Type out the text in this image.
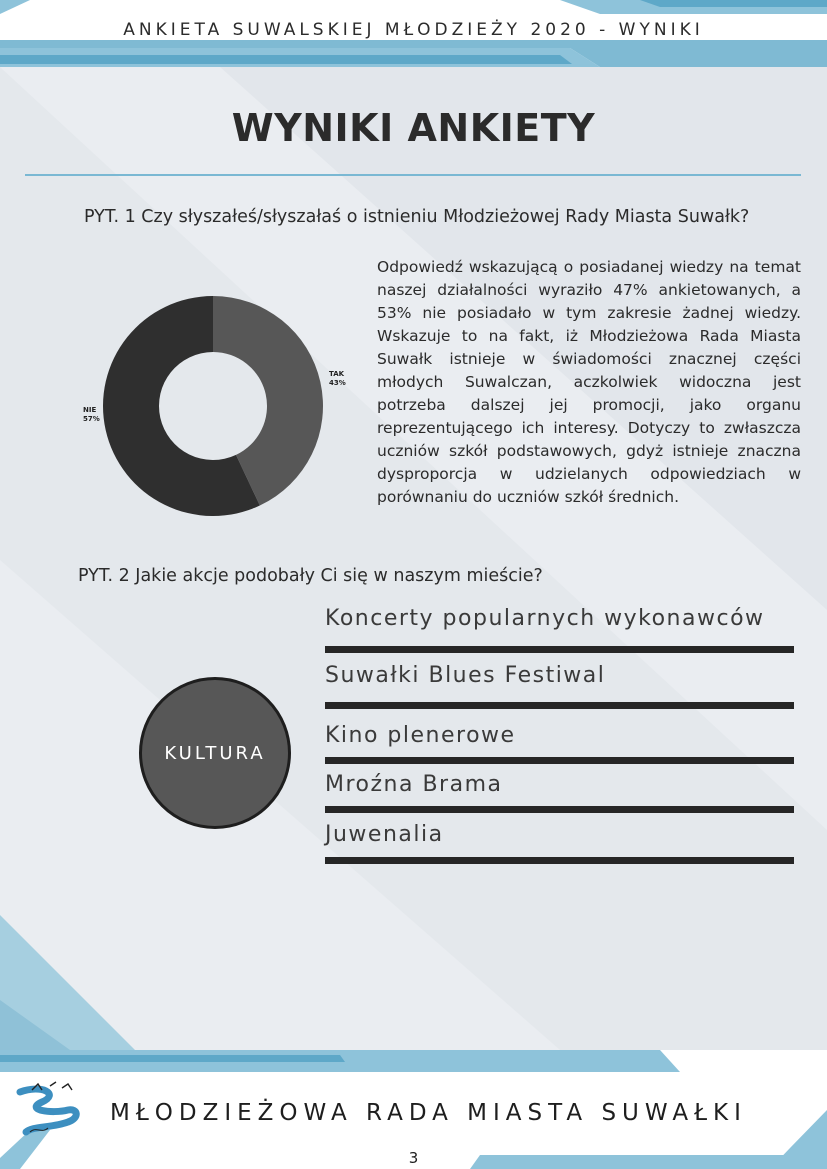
ANKIETA SUWALSKIEJ MŁODZIEŻY 2020 - WYNIKI
WYNIKI ANKIETY
PYT. 1 Czy słyszałeś/słyszałaś o istnieniu Młodzieżowej Rady Miasta Suwałk?
TAK
43%
NIE
57%
Odpowiedź wskazującą o posiadanej wiedzy na temat naszej działalności wyraziło 47% ankietowanych, a 53% nie posiadało w tym zakresie żadnej wiedzy. Wskazuje to na fakt, iż Młodzieżowa Rada Miasta Suwałk istnieje w świadomości znacznej części młodych Suwalczan, aczkolwiek widoczna jest potrzeba dalszej jej promocji, jako organu reprezentującego ich interesy. Dotyczy to zwłaszcza uczniów szkół podstawowych, gdyż istnieje znaczna dysproporcja w udzielanych odpowiedziach w porównaniu do uczniów szkół średnich.
PYT. 2 Jakie akcje podobały Ci się w naszym mieście?
KULTURA
Koncerty popularnych wykonawców
Suwałki Blues Festiwal
Kino plenerowe
Mroźna Brama
Juwenalia
MŁODZIEŻOWA RADA MIASTA SUWAŁKI
3
